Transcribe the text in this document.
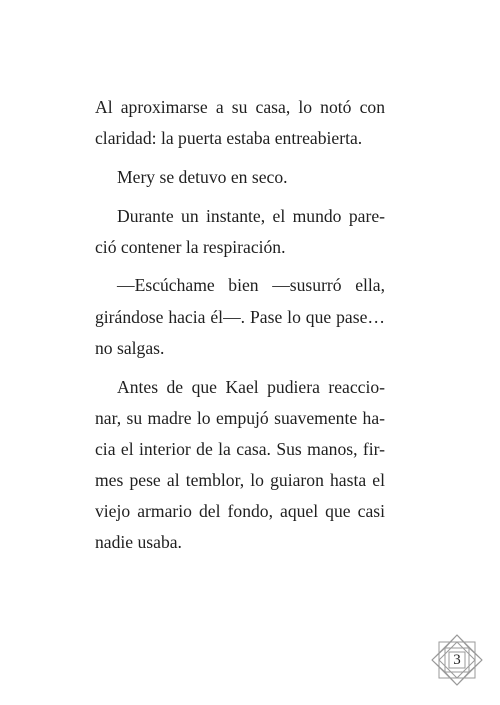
Al aproximarse a su casa, lo notó con
claridad: la puerta estaba entreabierta.
Mery se detuvo en seco.
Durante un instante, el mundo pare-
ció contener la respiración.
—Escúchame bien —susurró ella,
girándose hacia él—. Pase lo que pase…
no salgas.
Antes de que Kael pudiera reaccio-
nar, su madre lo empujó suavemente ha-
cia el interior de la casa. Sus manos, fir-
mes pese al temblor, lo guiaron hasta el
viejo armario del fondo, aquel que casi
nadie usaba.
3
